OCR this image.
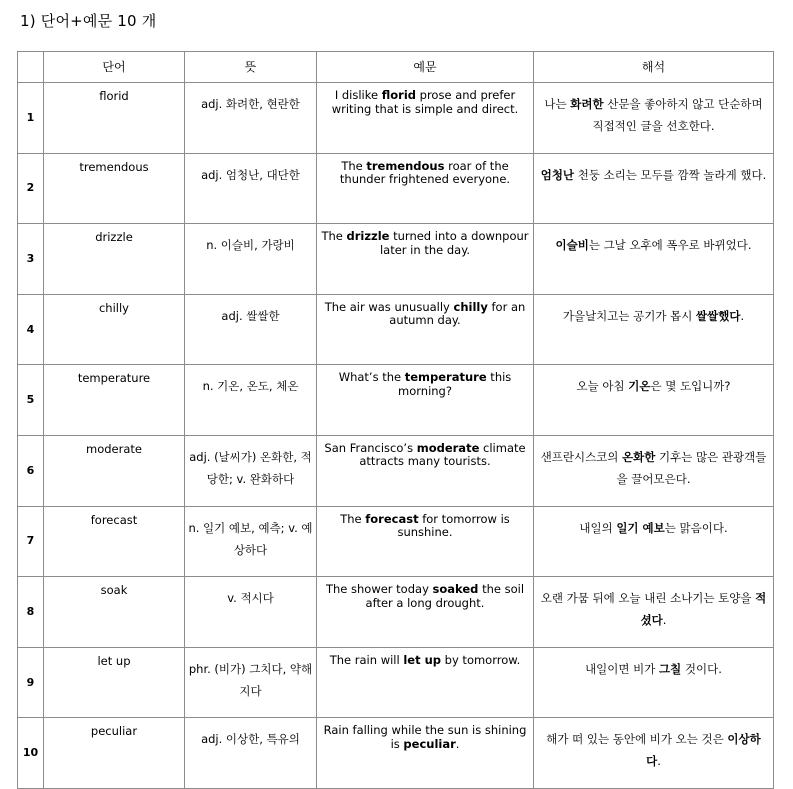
1) 단어+예문 10 개
	단어	뜻	예문	해석
1	florid	adj. 화려한, 현란한	I dislike florid prose and prefer writing that is simple and direct.	나는 화려한 산문을 좋아하지 않고 단순하며 직접적인 글을 선호한다.
2	tremendous	adj. 엄청난, 대단한	The tremendous roar of the thunder frightened everyone.	엄청난 천둥 소리는 모두를 깜짝 놀라게 했다.
3	drizzle	n. 이슬비, 가랑비	The drizzle turned into a downpour later in the day.	이슬비는 그날 오후에 폭우로 바뀌었다.
4	chilly	adj. 쌀쌀한	The air was unusually chilly for an autumn day.	가을날치고는 공기가 몹시 쌀쌀했다.
5	temperature	n. 기온, 온도, 체온	What’s the temperature this morning?	오늘 아침 기온은 몇 도입니까?
6	moderate	adj. (날씨가) 온화한, 적당한; v. 완화하다	San Francisco’s moderate climate attracts many tourists.	샌프란시스코의 온화한 기후는 많은 관광객들을 끌어모은다.
7	forecast	n. 일기 예보, 예측; v. 예상하다	The forecast for tomorrow is sunshine.	내일의 일기 예보는 맑음이다.
8	soak	v. 적시다	The shower today soaked the soil after a long drought.	오랜 가뭄 뒤에 오늘 내린 소나기는 토양을 적셨다.
9	let up	phr. (비가) 그치다, 약해지다	The rain will let up by tomorrow.	내일이면 비가 그칠 것이다.
10	peculiar	adj. 이상한, 특유의	Rain falling while the sun is shining is peculiar.	해가 떠 있는 동안에 비가 오는 것은 이상하다.
